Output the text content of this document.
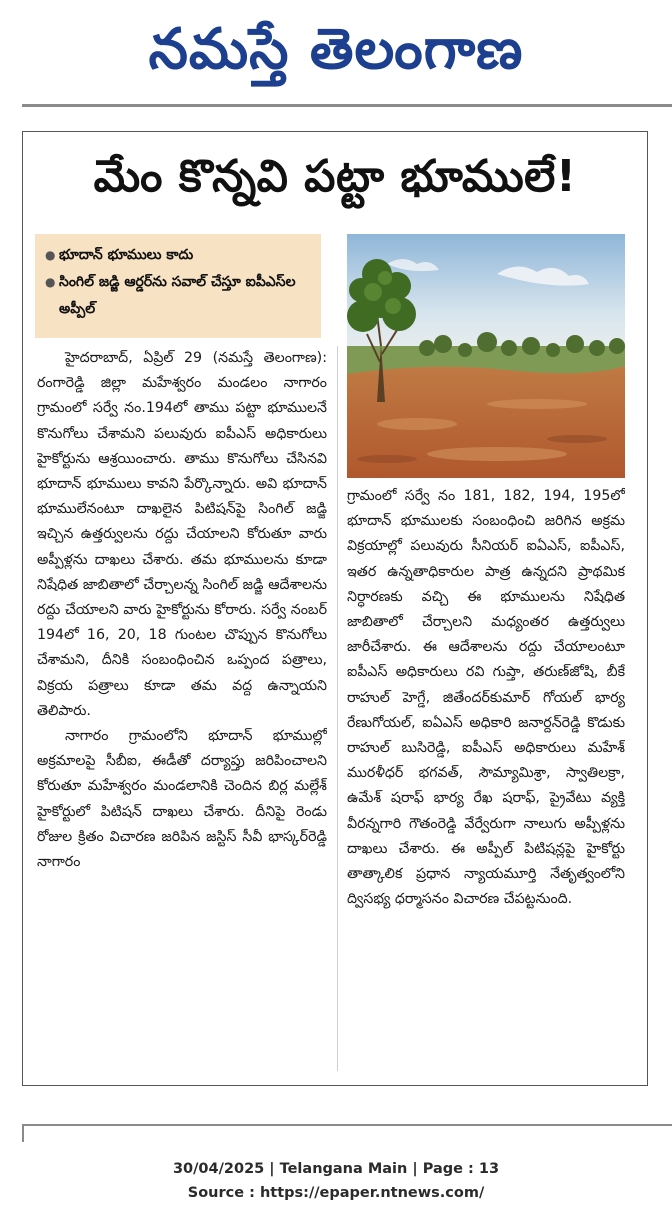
నమస్తే తెలంగాణ
మేం కొన్నవి పట్టా భూములే!
● భూదాన్ భూములు కాదు
● సింగిల్ జడ్జి ఆర్డర్‌ను సవాల్ చేస్తూ ఐపీఎస్‌ల అప్పీల్

హైదరాబాద్, ఏప్రిల్ 29 (నమస్తే తెలంగాణ): రంగారెడ్డి జిల్లా మహేశ్వరం మండలం నాగారం గ్రామంలో సర్వే నం.194లో తాము పట్టా భూములనే కొనుగోలు చేశామని పలువురు ఐపీఎస్ అధికారులు హైకోర్టును ఆశ్రయించారు. తాము కొనుగోలు చేసినవి భూదాన్ భూములు కావని పేర్కొన్నారు. అవి భూదాన్ భూములేనంటూ దాఖలైన పిటిషన్‌పై సింగిల్ జడ్జి ఇచ్చిన ఉత్తర్వులను రద్దు చేయాలని కోరుతూ వారు అప్పీళ్లను దాఖలు చేశారు. తమ భూములను కూడా నిషేధిత జాబితాలో చేర్చాలన్న సింగిల్ జడ్జి ఆదేశాలను రద్దు చేయాలని వారు హైకోర్టును కోరారు. సర్వే నంబర్ 194లో 16, 20, 18 గుంటల చొప్పున కొనుగోలు చేశామని, దీనికి సంబంధించిన ఒప్పంద పత్రాలు, విక్రయ పత్రాలు కూడా తమ వద్ద ఉన్నాయని తెలిపారు.

నాగారం గ్రామంలోని భూదాన్ భూముల్లో అక్రమాలపై సీబీఐ, ఈడీతో దర్యాప్తు జరిపించాలని కోరుతూ మహేశ్వరం మండలానికి చెందిన బిర్ల మల్లేశ్ హైకోర్టులో పిటిషన్ దాఖలు చేశారు. దీనిపై రెండు రోజుల క్రితం విచారణ జరిపిన జస్టిస్ సీవీ భాస్కర్‌రెడ్డి నాగారం

గ్రామంలో సర్వే నం 181, 182, 194, 195లో భూదాన్ భూములకు సంబంధించి జరిగిన అక్రమ విక్రయాల్లో పలువురు సీనియర్ ఐఏఎస్, ఐపీఎస్, ఇతర ఉన్నతాధికారుల పాత్ర ఉన్నదని ప్రాథమిక నిర్ధారణకు వచ్చి ఈ భూములను నిషేధిత జాబితాలో చేర్చాలని మధ్యంతర ఉత్తర్వులు జారీచేశారు. ఈ ఆదేశాలను రద్దు చేయాలంటూ ఐపీఎస్ అధికారులు రవి గుప్తా, తరుణ్‌జోషి, బీకే రాహుల్ హెగ్డే, జితేందర్‌కుమార్ గోయల్ భార్య రేణుగోయల్, ఐఏఎస్ అధికారి జనార్దన్‌రెడ్డి కొడుకు రాహుల్ బుసిరెడ్డి, ఐపీఎస్ అధికారులు మహేశ్ మురళీధర్ భగవత్, సౌమ్యామిశ్రా, స్వాతిలక్రా, ఉమేశ్ షరాఫ్ భార్య రేఖ షరాఫ్, ప్రైవేటు వ్యక్తి వీరన్నగారి గౌతంరెడ్డి వేర్వేరుగా నాలుగు అప్పీళ్లను దాఖలు చేశారు. ఈ అప్పీల్ పిటిషన్లపై హైకోర్టు తాత్కాలిక ప్రధాన న్యాయమూర్తి నేతృత్వంలోని ద్విసభ్య ధర్మాసనం విచారణ చేపట్టనుంది.

30/04/2025 | Telangana Main | Page : 13
Source : https://epaper.ntnews.com/
